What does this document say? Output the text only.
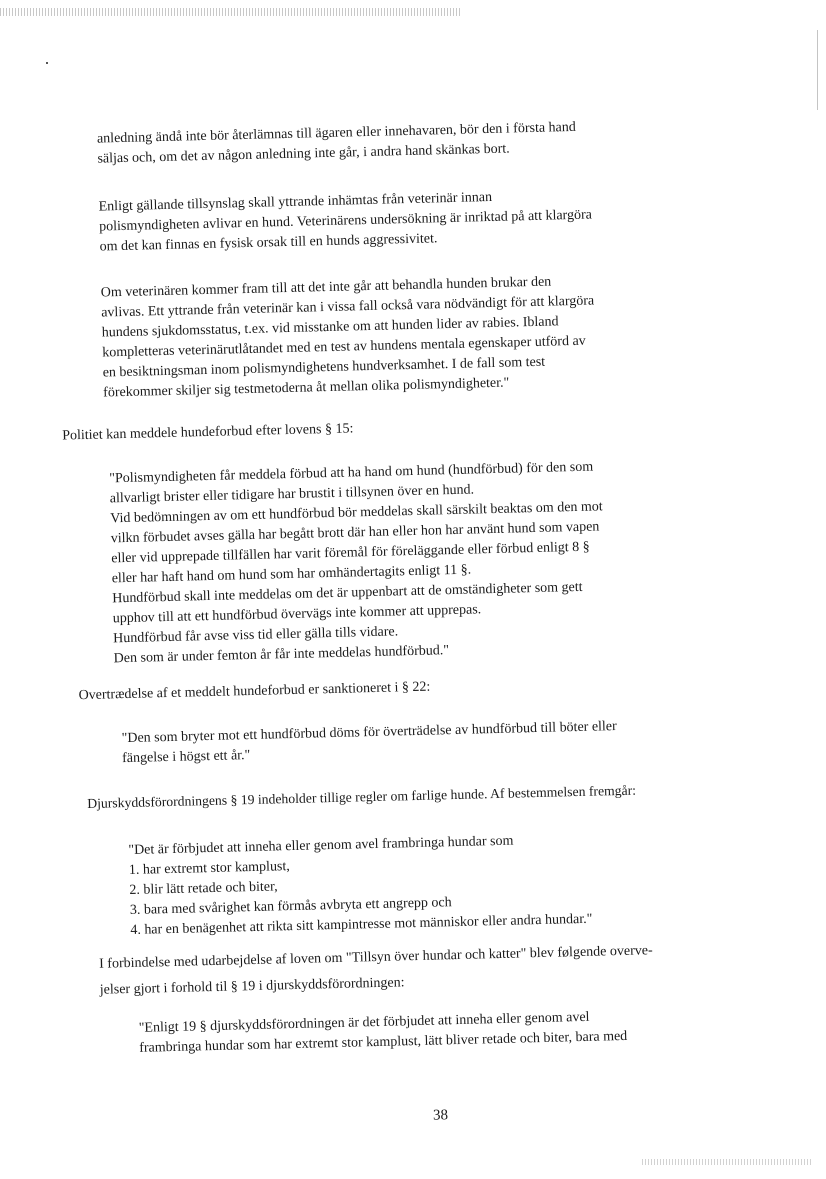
anledning ändå inte bör återlämnas till ägaren eller innehavaren, bör den i första hand
säljas och, om det av någon anledning inte går, i andra hand skänkas bort.

Enligt gällande tillsynslag skall yttrande inhämtas från veterinär innan
polismyndigheten avlivar en hund. Veterinärens undersökning är inriktad på att klargöra
om det kan finnas en fysisk orsak till en hunds aggressivitet.

Om veterinären kommer fram till att det inte går att behandla hunden brukar den
avlivas. Ett yttrande från veterinär kan i vissa fall också vara nödvändigt för att klargöra
hundens sjukdomsstatus, t.ex. vid misstanke om att hunden lider av rabies. Ibland
kompletteras veterinärutlåtandet med en test av hundens mentala egenskaper utförd av
en besiktningsman inom polismyndighetens hundverksamhet. I de fall som test
förekommer skiljer sig testmetoderna åt mellan olika polismyndigheter."

Politiet kan meddele hundeforbud efter lovens § 15:

"Polismyndigheten får meddela förbud att ha hand om hund (hundförbud) för den som
allvarligt brister eller tidigare har brustit i tillsynen över en hund.
Vid bedömningen av om ett hundförbud bör meddelas skall särskilt beaktas om den mot
vilkn förbudet avses gälla har begått brott där han eller hon har använt hund som vapen
eller vid upprepade tillfällen har varit föremål för föreläggande eller förbud enligt 8 §
eller har haft hand om hund som har omhändertagits enligt 11 §.
Hundförbud skall inte meddelas om det är uppenbart att de omständigheter som gett
upphov till att ett hundförbud övervägs inte kommer att upprepas.
Hundförbud får avse viss tid eller gälla tills vidare.
Den som är under femton år får inte meddelas hundförbud."

Overtrædelse af et meddelt hundeforbud er sanktioneret i § 22:

"Den som bryter mot ett hundförbud döms för överträdelse av hundförbud till böter eller
fängelse i högst ett år."

Djurskyddsförordningens § 19 indeholder tillige regler om farlige hunde. Af bestemmelsen fremgår:

"Det är förbjudet att inneha eller genom avel frambringa hundar som
1. har extremt stor kamplust,
2. blir lätt retade och biter,
3. bara med svårighet kan förmås avbryta ett angrepp och
4. har en benägenhet att rikta sitt kampintresse mot människor eller andra hundar."

I forbindelse med udarbejdelse af loven om "Tillsyn över hundar och katter" blev følgende overve-
jelser gjort i forhold til § 19 i djurskyddsförordningen:

"Enligt 19 § djurskyddsförordningen är det förbjudet att inneha eller genom avel
frambringa hundar som har extremt stor kamplust, lätt bliver retade och biter, bara med

38
